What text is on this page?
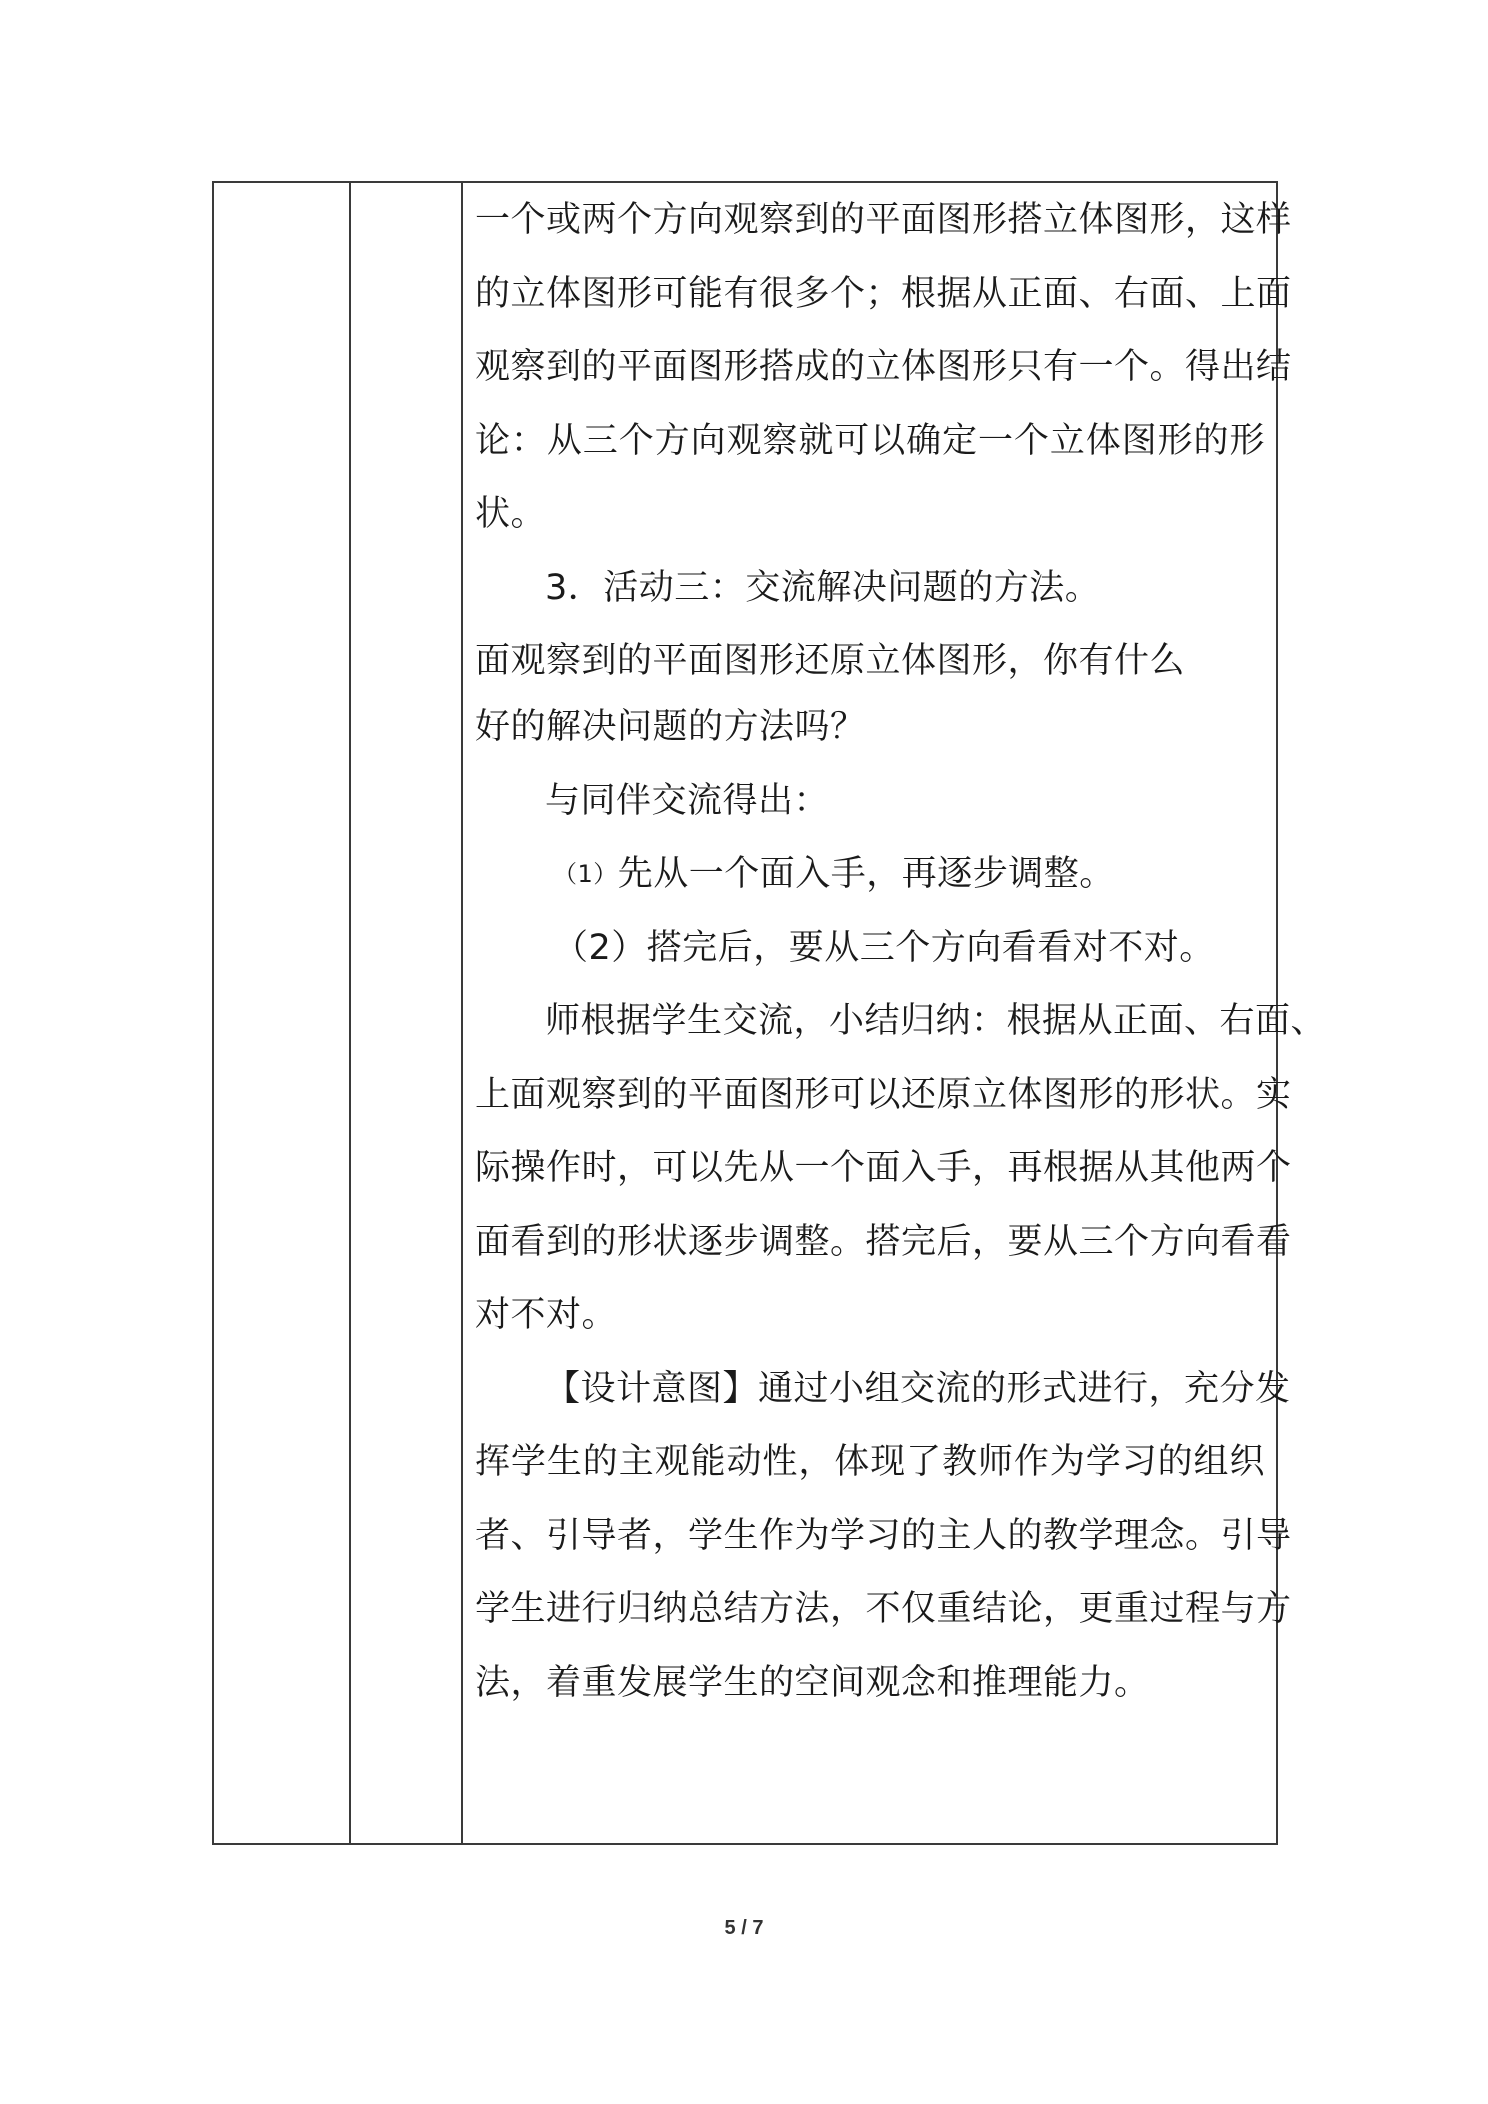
一个或两个方向观察到的平面图形搭立体图形，这样
的立体图形可能有很多个；根据从正面、右面、上面
观察到的平面图形搭成的立体图形只有一个。得出结
论：从三个方向观察就可以确定一个立体图形的形
状。
3．活动三：交流解决问题的方法。
面观察到的平面图形还原立体图形，你有什么
好的解决问题的方法吗？
与同伴交流得出：
（1）先从一个面入手，再逐步调整。
（2）搭完后，要从三个方向看看对不对。
师根据学生交流，小结归纳：根据从正面、右面、
上面观察到的平面图形可以还原立体图形的形状。实
际操作时，可以先从一个面入手，再根据从其他两个
面看到的形状逐步调整。搭完后，要从三个方向看看
对不对。
【设计意图】通过小组交流的形式进行，充分发
挥学生的主观能动性，体现了教师作为学习的组织
者、引导者，学生作为学习的主人的教学理念。引导
学生进行归纳总结方法，不仅重结论，更重过程与方
法，着重发展学生的空间观念和推理能力。
5 / 7
